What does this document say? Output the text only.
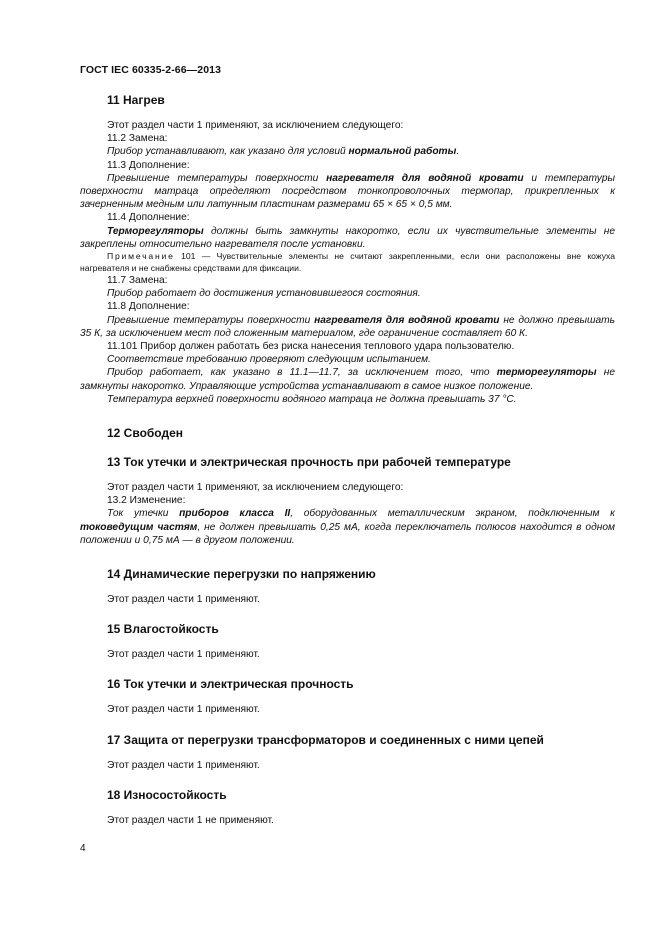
ГОСТ IEC 60335-2-66—2013
11 Нагрев

Этот раздел части 1 применяют, за исключением следующего:

11.2 Замена:

Прибор устанавливают, как указано для условий нормальной работы.

11.3 Дополнение:

Превышение температуры поверхности нагревателя для водяной кровати и температуры поверхности матраца определяют посредством тонкопроволочных термопар, прикрепленных к зачерненным медным или латунным пластинам размерами 65 × 65 × 0,5 мм.

11.4 Дополнение:

Терморегуляторы должны быть замкнуты накоротко, если их чувствительные элементы не закреплены относительно нагревателя после установки.

Примечание 101 — Чувствительные элементы не считают закрепленными, если они расположены вне кожуха нагревателя и не снабжены средствами для фиксации.

11.7 Замена:

Прибор работает до достижения установившегося состояния.

11.8 Дополнение:

Превышение температуры поверхности нагревателя для водяной кровати не должно превышать 35 К, за исключением мест под сложенным материалом, где ограничение составляет 60 К.

11.101 Прибор должен работать без риска нанесения теплового удара пользователю.

Соответствие требованию проверяют следующим испытанием.

Прибор работает, как указано в 11.1—11.7, за исключением того, что терморегуляторы не замкнуты накоротко. Управляющие устройства устанавливают в самое низкое положение.

Температура верхней поверхности водяного матраца не должна превышать 37 °С.

12 Свободен
13 Ток утечки и электрическая прочность при рабочей температуре

Этот раздел части 1 применяют, за исключением следующего:

13.2 Изменение:

Ток утечки приборов класса II, оборудованных металлическим экраном, подключенным к токоведущим частям, не должен превышать 0,25 мА, когда переключатель полюсов находится в одном положении и 0,75 мА — в другом положении.

14 Динамические перегрузки по напряжению

Этот раздел части 1 применяют.

15 Влагостойкость

Этот раздел части 1 применяют.

16 Ток утечки и электрическая прочность

Этот раздел части 1 применяют.

17 Защита от перегрузки трансформаторов и соединенных с ними цепей

Этот раздел части 1 применяют.

18 Износостойкость

Этот раздел части 1 не применяют.

4
